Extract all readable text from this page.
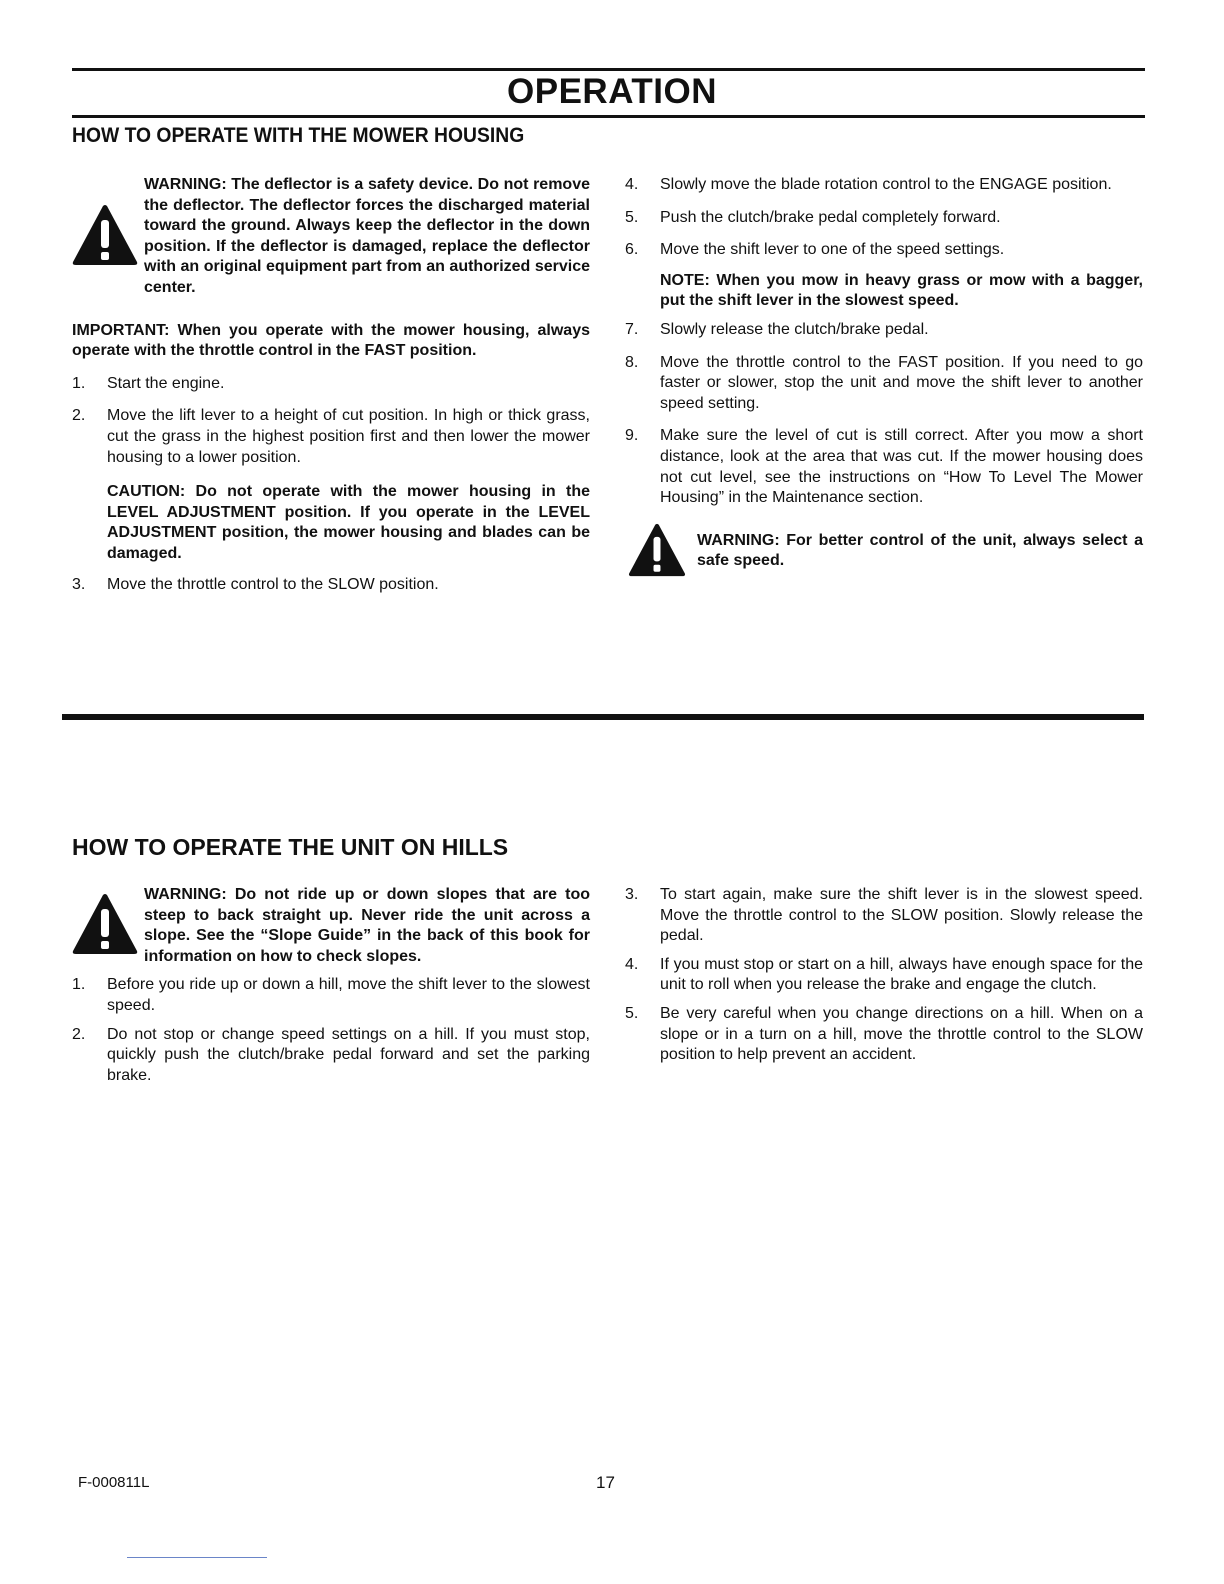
OPERATION
HOW TO OPERATE WITH THE MOWER HOUSING
WARNING: The deflector is a safety device. Do not remove the deflector. The deflector forces the discharged material toward the ground. Always keep the deflector in the down position. If the deflector is damaged, replace the deflector with an original equipment part from an authorized service center.
IMPORTANT: When you operate with the mower housing, always operate with the throttle control in the FAST position.
1. Start the engine.
2. Move the lift lever to a height of cut position. In high or thick grass, cut the grass in the highest position first and then lower the mower housing to a lower position.
CAUTION: Do not operate with the mower housing in the LEVEL ADJUSTMENT position. If you operate in the LEVEL ADJUSTMENT position, the mower housing and blades can be damaged.
3. Move the throttle control to the SLOW position.
4. Slowly move the blade rotation control to the ENGAGE position.
5. Push the clutch/brake pedal completely forward.
6. Move the shift lever to one of the speed settings.
NOTE: When you mow in heavy grass or mow with a bagger, put the shift lever in the slowest speed.
7. Slowly release the clutch/brake pedal.
8. Move the throttle control to the FAST position. If you need to go faster or slower, stop the unit and move the shift lever to another speed setting.
9. Make sure the level of cut is still correct. After you mow a short distance, look at the area that was cut. If the mower housing does not cut level, see the instructions on “How To Level The Mower Housing” in the Maintenance section.
WARNING: For better control of the unit, always select a safe speed.
HOW TO OPERATE THE UNIT ON HILLS
WARNING: Do not ride up or down slopes that are too steep to back straight up. Never ride the unit across a slope. See the “Slope Guide” in the back of this book for information on how to check slopes.
1. Before you ride up or down a hill, move the shift lever to the slowest speed.
2. Do not stop or change speed settings on a hill. If you must stop, quickly push the clutch/brake pedal forward and set the parking brake.
3. To start again, make sure the shift lever is in the slowest speed. Move the throttle control to the SLOW position. Slowly release the pedal.
4. If you must stop or start on a hill, always have enough space for the unit to roll when you release the brake and engage the clutch.
5. Be very careful when you change directions on a hill. When on a slope or in a turn on a hill, move the throttle control to the SLOW position to help prevent an accident.
F-000811L	17
